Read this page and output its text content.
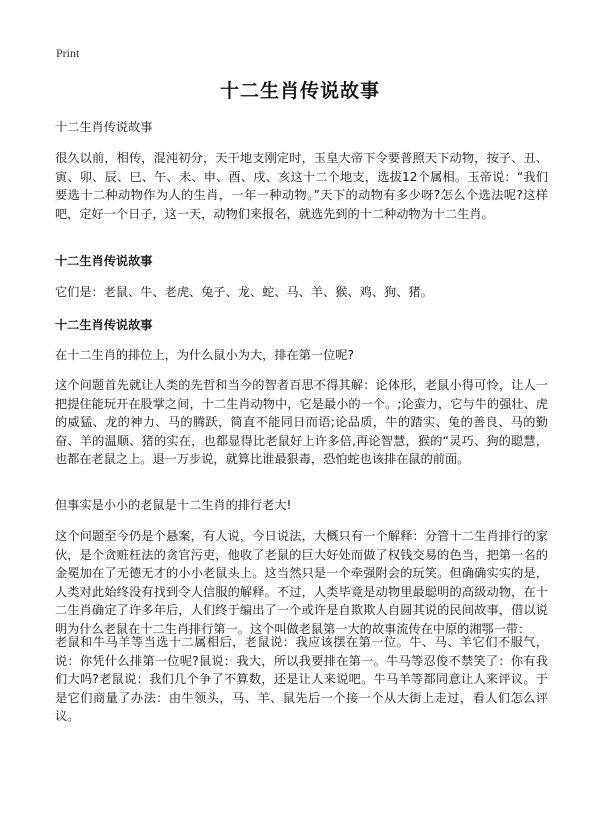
Print
十二生肖传说故事
十二生肖传说故事
很久以前，相传，混沌初分，天干地支刚定时，玉皇大帝下令要普照天下动物，按子、丑、寅、卯、辰、巳、午、未、申、酉、戌、亥这十二个地支，选拔12个属相。玉帝说：“我们要选十二种动物作为人的生肖，一年一种动物。”天下的动物有多少呀?怎么个选法呢?这样吧，定好一个日子，这一天，动物们来报名，就选先到的十二种动物为十二生肖。
十二生肖传说故事
它们是：老鼠、牛、老虎、兔子、龙、蛇、马、羊、猴、鸡、狗、猪。
十二生肖传说故事
在十二生肖的排位上，为什么鼠小为大，排在第一位呢?
这个问题首先就让人类的先哲和当今的智者百思不得其解：论体形，老鼠小得可怜，让人一把提住能玩开在股掌之间，十二生肖动物中，它是最小的一个。;论蛮力，它与牛的强壮、虎的威猛、龙的神力、马的腾跃，简直不能同日而语;论品质，牛的踏实、兔的善良、马的勤奋、羊的温顺、猪的实在，也都显得比老鼠好上许多倍,再论智慧，猴的“灵巧、狗的聪慧，也都在老鼠之上。退一万步说，就算比谁最狠毒，恐怕蛇也该排在鼠的前面。
但事实是小小的老鼠是十二生肖的排行老大!
这个问题至今仍是个悬案，有人说，今日说法，大概只有一个解释：分管十二生肖排行的家伙，是个贪赃枉法的贪官污吏，他收了老鼠的巨大好处而做了权钱交易的色当，把第一名的金冕加在了无德无才的小小老鼠头上。这当然只是一个牵强附会的玩笑。但确确实实的是，人类对此始终没有找到令人信服的解释。不过，人类毕竟是动物里最聪明的高级动物，在十二生肖确定了许多年后，人们终于编出了一个或许是自欺欺人自圆其说的民间故事，借以说明为什么老鼠在十二生肖排行第一。这个叫做老鼠第一大的故事流传在中原的湘鄂一带：
老鼠和牛马羊等当选十二属相后，老鼠说：我应该摆在第一位。牛、马、羊它们不服气，说：你凭什么排第一位呢?鼠说：我大，所以我要排在第一。牛马等忍俊不禁笑了：你有我们大吗?老鼠说：我们几个争了不算数，还是让人来说吧。牛马羊等都同意让人来评议。于是它们商量了办法：由牛领头，马、羊、鼠先后一个接一个从大街上走过，看人们怎么评议。
